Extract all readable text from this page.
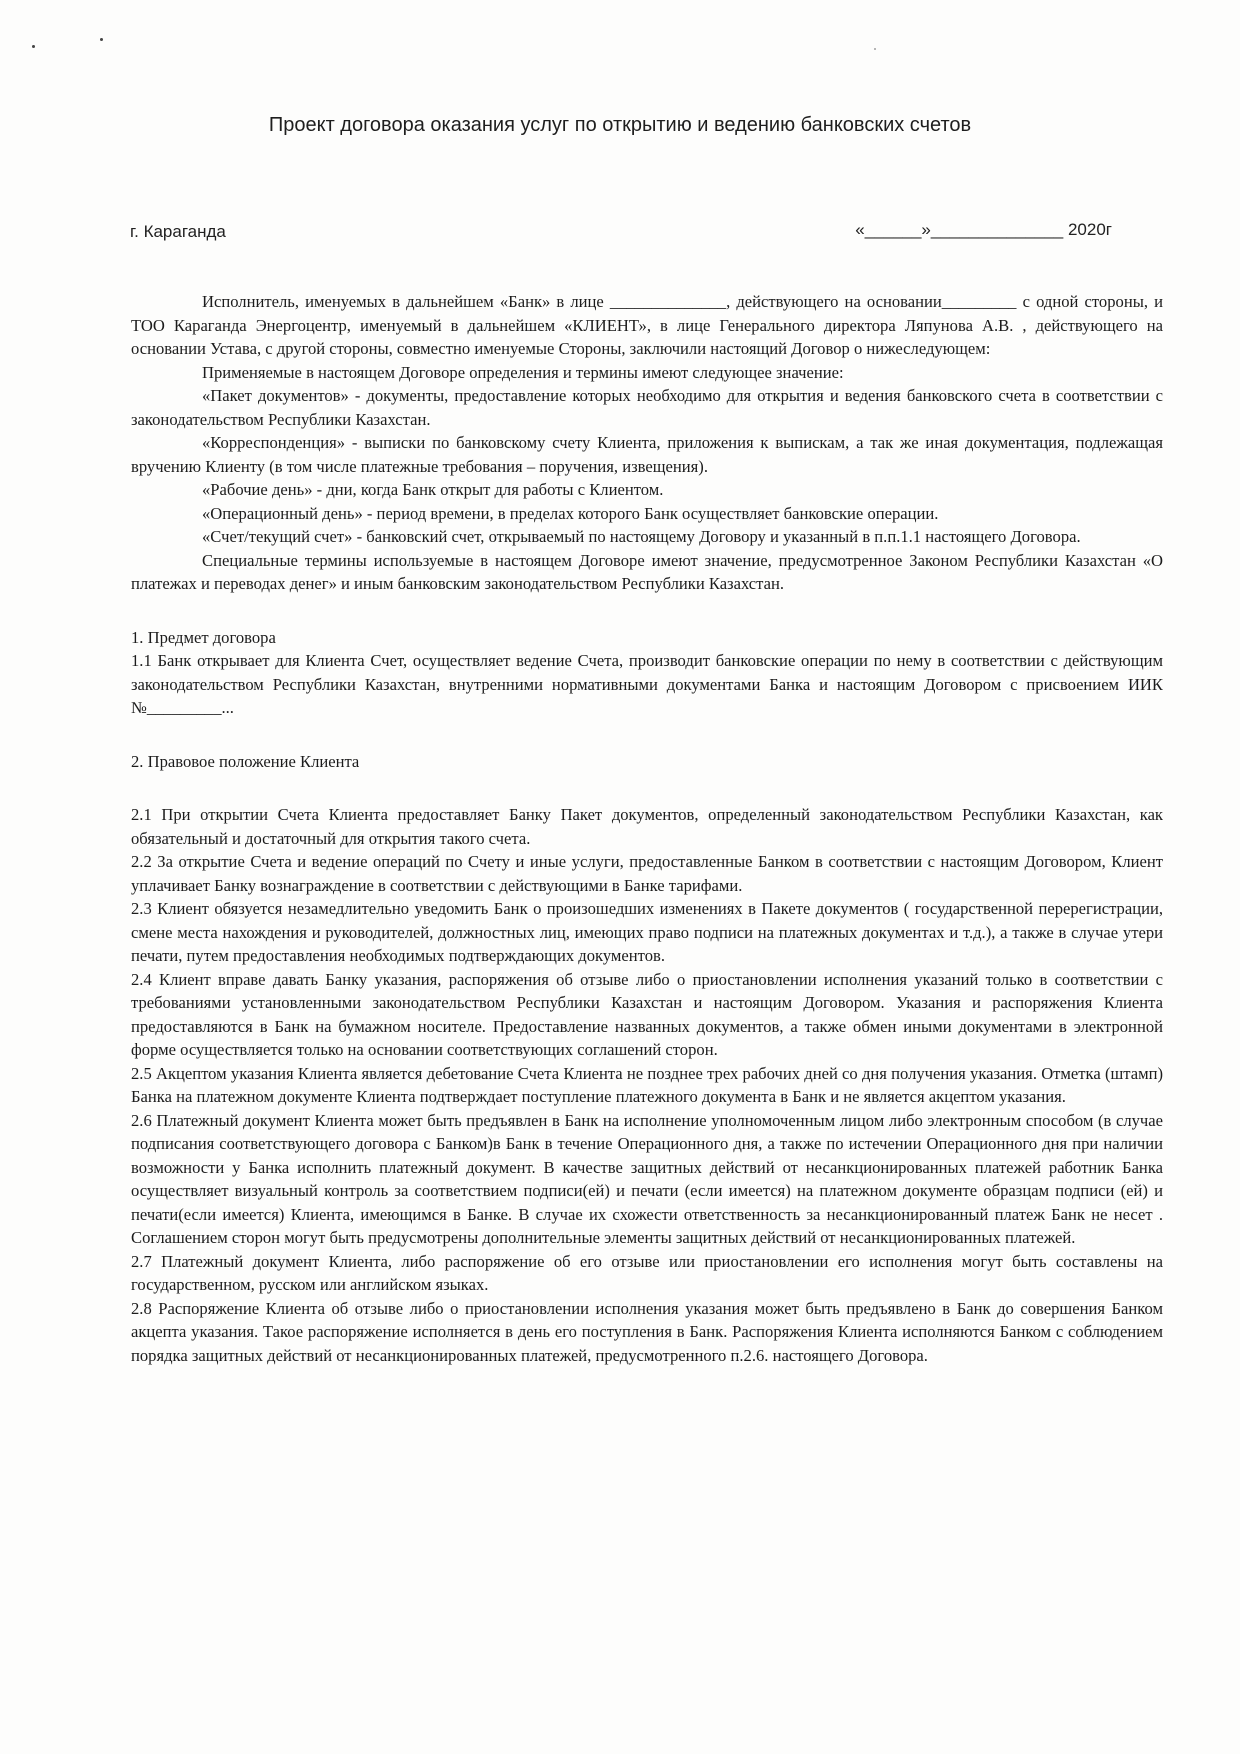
Проект договора оказания услуг по открытию и ведению банковских счетов
г. Караганда	«______»______________ 2020г

Исполнитель, именуемых в дальнейшем «Банк» в лице ______________, действующего на основании_________ с одной стороны, и ТОО Караганда Энергоцентр, именуемый в дальнейшем «КЛИЕНТ», в лице Генерального директора Ляпунова А.В. , действующего на основании Устава, с другой стороны, совместно именуемые Стороны, заключили настоящий Договор о нижеследующем:

Применяемые в настоящем Договоре определения и термины имеют следующее значение:

«Пакет документов» - документы, предоставление которых необходимо для открытия и ведения банковского счета в соответствии с законодательством Республики Казахстан.

«Корреспонденция» - выписки по банковскому счету Клиента, приложения к выпискам, а так же иная документация, подлежащая вручению Клиенту (в том числе платежные требования – поручения, извещения).

«Рабочие день» - дни, когда Банк открыт для работы с Клиентом.

«Операционный день» - период времени, в пределах которого Банк осуществляет банковские операции.

«Счет/текущий счет» - банковский счет, открываемый по настоящему Договору и указанный в п.п.1.1 настоящего Договора.

Специальные термины используемые в настоящем Договоре имеют значение, предусмотренное Законом Республики Казахстан «О платежах и переводах денег» и иным банковским законодательством Республики Казахстан.

1. Предмет договора

1.1 Банк открывает для Клиента Счет, осуществляет ведение Счета, производит банковские операции по нему в соответствии с действующим законодательством Республики Казахстан, внутренними нормативными документами Банка и настоящим Договором с присвоением ИИК №_________...

2. Правовое положение Клиента

2.1 При открытии Счета Клиента предоставляет Банку Пакет документов, определенный законодательством Республики Казахстан, как обязательный и достаточный для открытия такого счета.

2.2 За открытие Счета и ведение операций по Счету и иные услуги, предоставленные Банком в соответствии с настоящим Договором, Клиент уплачивает Банку вознаграждение в соответствии с действующими в Банке тарифами.

2.3 Клиент обязуется незамедлительно уведомить Банк о произошедших изменениях в Пакете документов ( государственной перерегистрации, смене места нахождения и руководителей, должностных лиц, имеющих право подписи на платежных документах и т.д.), а также в случае утери печати, путем предоставления необходимых подтверждающих документов.

2.4 Клиент вправе давать Банку указания, распоряжения об отзыве либо о приостановлении исполнения указаний только в соответствии с требованиями установленными законодательством Республики Казахстан и настоящим Договором. Указания и распоряжения Клиента предоставляются в Банк на бумажном носителе. Предоставление названных документов, а также обмен иными документами в электронной форме осуществляется только на основании соответствующих соглашений сторон.

2.5 Акцептом указания Клиента является дебетование Счета Клиента не позднее трех рабочих дней со дня получения указания. Отметка (штамп) Банка на платежном документе Клиента подтверждает поступление платежного документа в Банк и не является акцептом указания.

2.6 Платежный документ Клиента может быть предъявлен в Банк на исполнение уполномоченным лицом либо электронным способом (в случае подписания соответствующего договора с Банком)в Банк в течение Операционного дня, а также по истечении Операционного дня при наличии возможности у Банка исполнить платежный документ. В качестве защитных действий от несанкционированных платежей работник Банка осуществляет визуальный контроль за соответствием подписи(ей) и печати (если имеется) на платежном документе образцам подписи (ей) и печати(если имеется) Клиента, имеющимся в Банке. В случае их схожести ответственность за несанкционированный платеж Банк не несет . Соглашением сторон могут быть предусмотрены дополнительные элементы защитных действий от несанкционированных платежей.

2.7 Платежный документ Клиента, либо распоряжение об его отзыве или приостановлении его исполнения могут быть составлены на государственном, русском или английском языках.

2.8 Распоряжение Клиента об отзыве либо о приостановлении исполнения указания может быть предъявлено в Банк до совершения Банком акцепта указания. Такое распоряжение исполняется в день его поступления в Банк. Распоряжения Клиента исполняются Банком с соблюдением порядка защитных действий от несанкционированных платежей, предусмотренного п.2.6. настоящего Договора.
